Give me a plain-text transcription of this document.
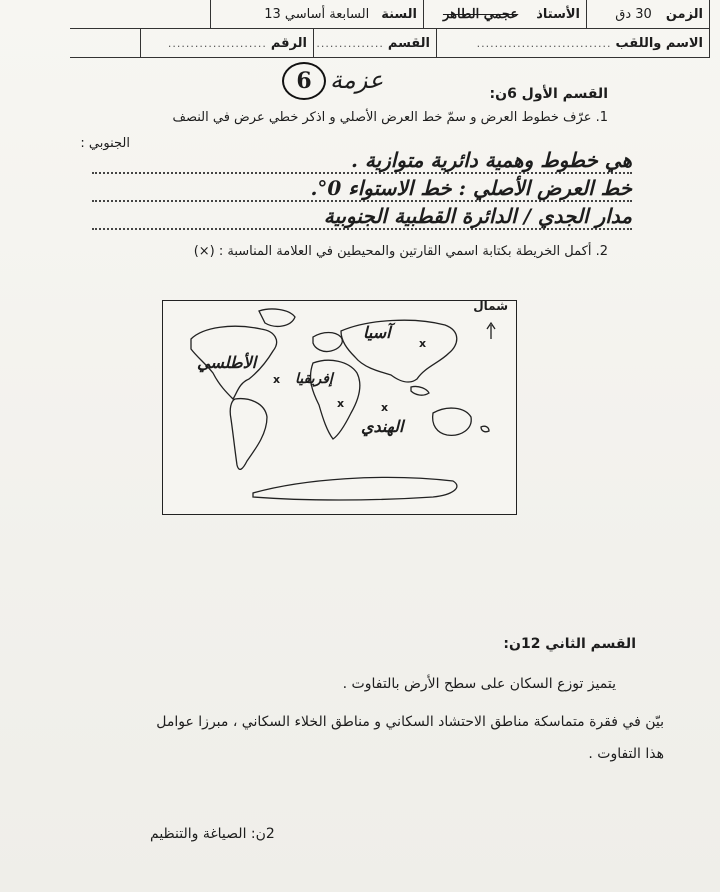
الزمن
30 دق
الأستاذ
عجمي الطاهر
السنة
السابعة أساسي 13
الاسم واللقب
..............................
القسم
...............
الرقم
......................
6 عزمة	القسم الأول 6ن:
1. عرّف خطوط العرض و سمّ خط العرض الأصلي و اذكر خطي عرض في النصف
الجنوبي :
هي خطوط وهمية دائرية متوازية .
خط العرض الأصلي : خط الاستواء 0°.
مدار الجدي / الدائرة القطبية الجنوبية
2. أكمل الخريطة بكتابة اسمي القارتين والمحيطين في العلامة المناسبة : (×)
شمال
آسيا
الأطلسي
إفريقيا
الهندي
x
x
x	x
القسم الثاني 12ن:
يتميز توزع السكان على سطح الأرض بالتفاوت .
بيّن في فقرة متماسكة مناطق الاحتشاد السكاني و مناطق الخلاء السكاني ، مبرزا عوامل
هذا التفاوت .
2ن: الصياغة والتنظيم
